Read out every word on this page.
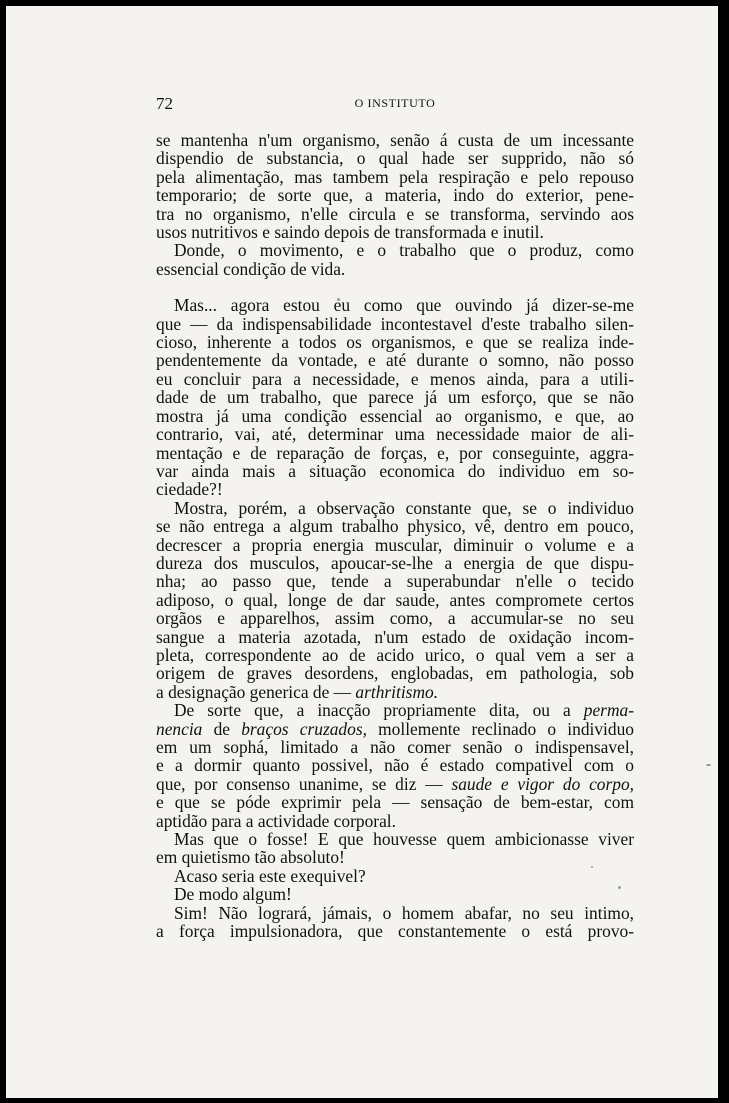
72	O INSTITUTO
se mantenha n'um organismo, senão á custa de um incessante
dispendio de substancia, o qual hade ser supprido, não só
pela alimentação, mas tambem pela respiração e pelo repouso
temporario; de sorte que, a materia, indo do exterior, pene-
tra no organismo, n'elle circula e se transforma, servindo aos
usos nutritivos e saindo depois de transformada e inutil.
Donde, o movimento, e o trabalho que o produz, como
essencial condição de vida.
Mas... agora estou eu como que ouvindo já dizer-se-me
que — da indispensabilidade incontestavel d'este trabalho silen-
cioso, inherente a todos os organismos, e que se realiza inde-
pendentemente da vontade, e até durante o somno, não posso
eu concluir para a necessidade, e menos ainda, para a utili-
dade de um trabalho, que parece já um esforço, que se não
mostra já uma condição essencial ao organismo, e que, ao
contrario, vai, até, determinar uma necessidade maior de ali-
mentação e de reparação de forças, e, por conseguinte, aggra-
var ainda mais a situação economica do individuo em so-
ciedade?!
Mostra, porém, a observação constante que, se o individuo
se não entrega a algum trabalho physico, vê, dentro em pouco,
decrescer a propria energia muscular, diminuir o volume e a
dureza dos musculos, apoucar-se-lhe a energia de que dispu-
nha; ao passo que, tende a superabundar n'elle o tecido
adiposo, o qual, longe de dar saude, antes compromete certos
orgãos e apparelhos, assim como, a accumular-se no seu
sangue a materia azotada, n'um estado de oxidação incom-
pleta, correspondente ao de acido urico, o qual vem a ser a
origem de graves desordens, englobadas, em pathologia, sob
a designação generica de — arthritismo.
De sorte que, a inacção propriamente dita, ou a perma-
nencia de braços cruzados, mollemente reclinado o individuo
em um sophá, limitado a não comer senão o indispensavel,
e a dormir quanto possivel, não é estado compativel com o
que, por consenso unanime, se diz — saude e vigor do corpo,
e que se póde exprimir pela — sensação de bem-estar, com
aptidão para a actividade corporal.
Mas que o fosse! E que houvesse quem ambicionasse viver
em quietismo tão absoluto!
Acaso seria este exequivel?
De modo algum!
Sim! Não logrará, jámais, o homem abafar, no seu intimo,
a força impulsionadora, que constantemente o está provo-
